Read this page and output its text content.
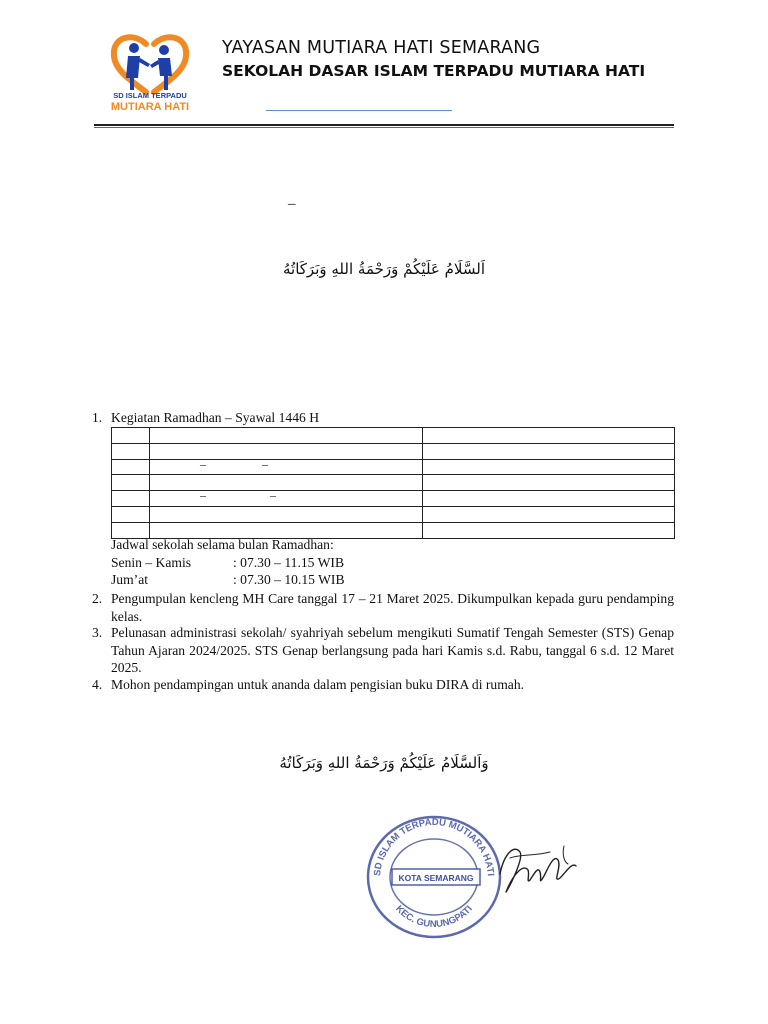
SD ISLAM TERPADU
MUTIARA HATI
YAYASAN MUTIARA HATI SEMARANG
SEKOLAH DASAR ISLAM TERPADU MUTIARA HATI
–
اَلسَّلَامُ عَلَيْكُمْ وَرَحْمَةُ اللهِ وَبَرَكَاتُهُ
1. Kegiatan Ramadhan – Syawal 1446 H

	– –	

	– –	

Jadwal sekolah selama bulan Ramadhan:
Senin – Kamis	: 07.30 – 11.15 WIB
Jum’at	: 07.30 – 10.15 WIB
2. Pengumpulan kencleng MH Care tanggal 17 – 21 Maret 2025. Dikumpulkan kepada guru pendamping kelas.
3. Pelunasan administrasi sekolah/ syahriyah sebelum mengikuti Sumatif Tengah Semester (STS) Genap Tahun Ajaran 2024/2025. STS Genap berlangsung pada hari Kamis s.d. Rabu, tanggal 6 s.d. 12 Maret 2025.
4. Mohon pendampingan untuk ananda dalam pengisian buku DIRA di rumah.
وَاَلسَّلَامُ عَلَيْكُمْ وَرَحْمَةُ اللهِ وَبَرَكَاتُهُ
SD ISLAM TERPADU MUTIARA HATI
KEC. GUNUNGPATI
KOTA SEMARANG
